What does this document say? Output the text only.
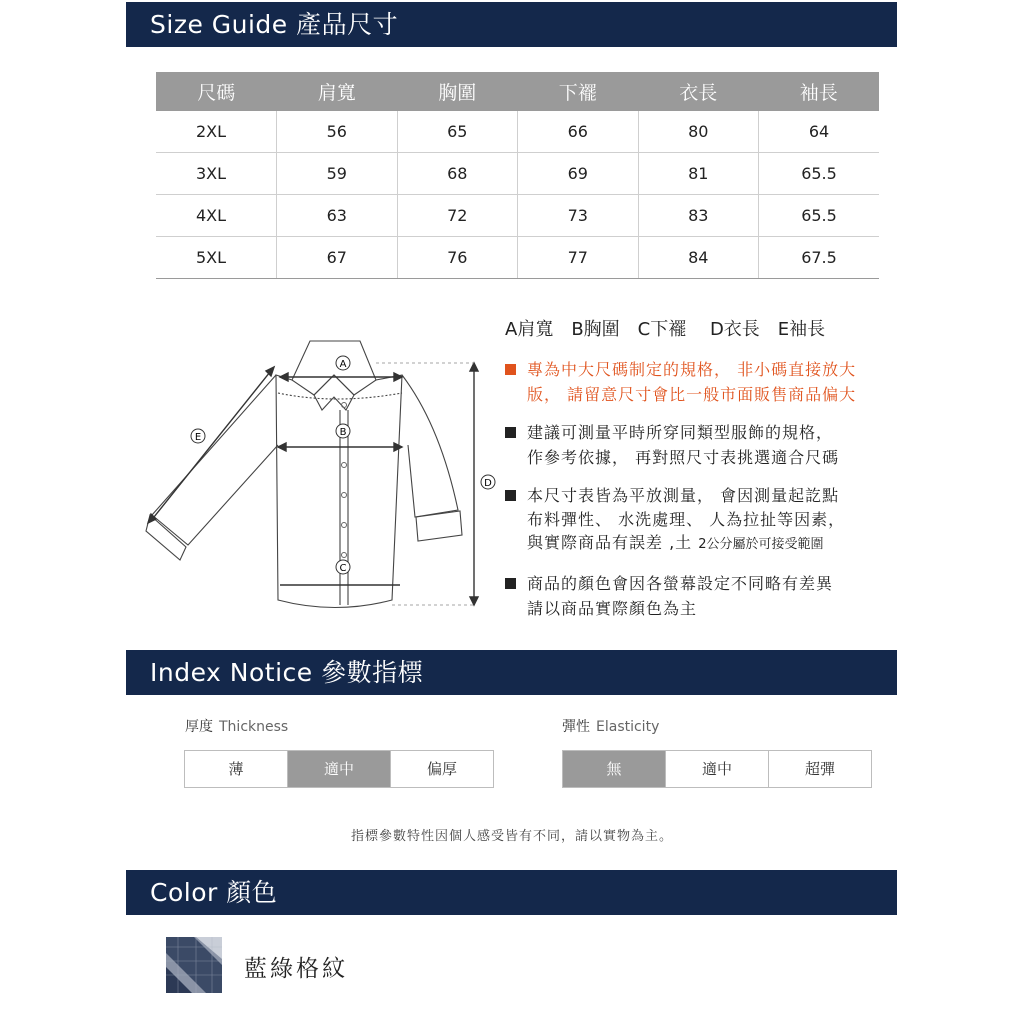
Size Guide 產品尺寸
尺碼	肩寬	胸圍	下襬	衣長	袖長
2XL	56	65	66	80	64
3XL	59	68	69	81	65.5
4XL	63	72	73	83	65.5
5XL	67	76	77	84	67.5
A肩寬　B胸圍　C下襬　 D衣長　E袖長
A
B
C
D
E
專為中大尺碼制定的規格， 非小碼直接放大
版， 請留意尺寸會比一般市面販售商品偏大
建議可測量平時所穿同類型服飾的規格，
作參考依據， 再對照尺寸表挑選適合尺碼
本尺寸表皆為平放測量， 會因測量起訖點
布料彈性、 水洗處理、 人為拉扯等因素，
與實際商品有誤差 ,土 2公分屬於可接受範圍
商品的顏色會因各螢幕設定不同略有差異
請以商品實際顏色為主
Index Notice 參數指標
厚度 Thickness
薄	適中	偏厚
彈性 Elasticity
無	適中	超彈
指標參數特性因個人感受皆有不同，請以實物為主。
Color 顏色
藍綠格紋
